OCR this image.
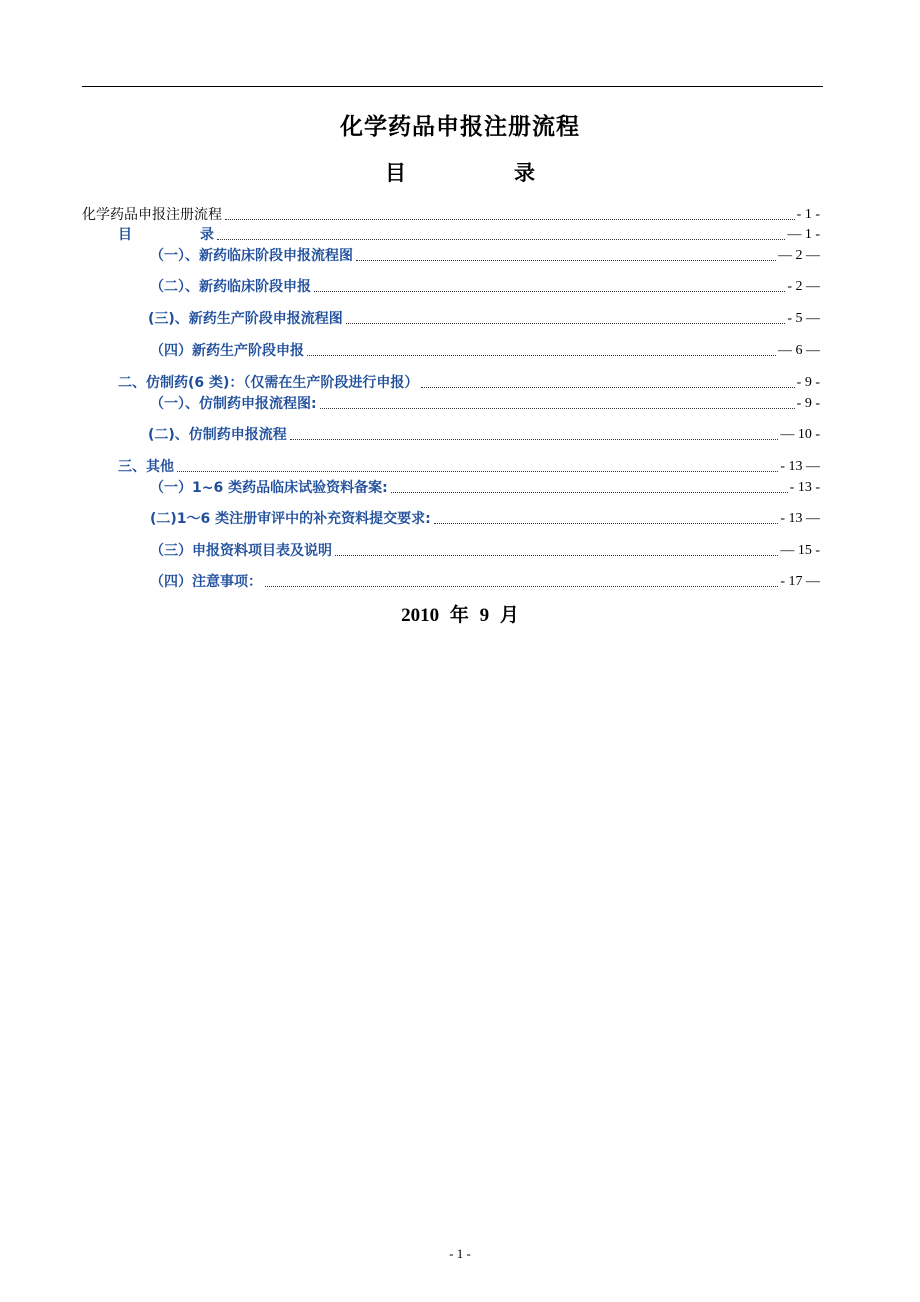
化学药品申报注册流程
目	录
化学药品申报注册流程	- 1 -
目	录	— 1 -
（一）、新药临床阶段申报流程图	— 2 —
（二）、新药临床阶段申报	- 2 —
(三)、新药生产阶段申报流程图	- 5 —
（四）新药生产阶段申报	— 6 —
二、仿制药(6 类)：（仅需在生产阶段进行申报）	- 9 -
（一）、仿制药申报流程图:	- 9 -
(二)、仿制药申报流程	— 10 -
三、其他	- 13 —
（一）1~6 类药品临床试验资料备案:	- 13 -
(二)1～6 类注册审评中的补充资料提交要求:	- 13 —
（三）申报资料项目表及说明	— 15 -
（四）注意事项：	- 17 —
2010 年 9 月
- 1 -
